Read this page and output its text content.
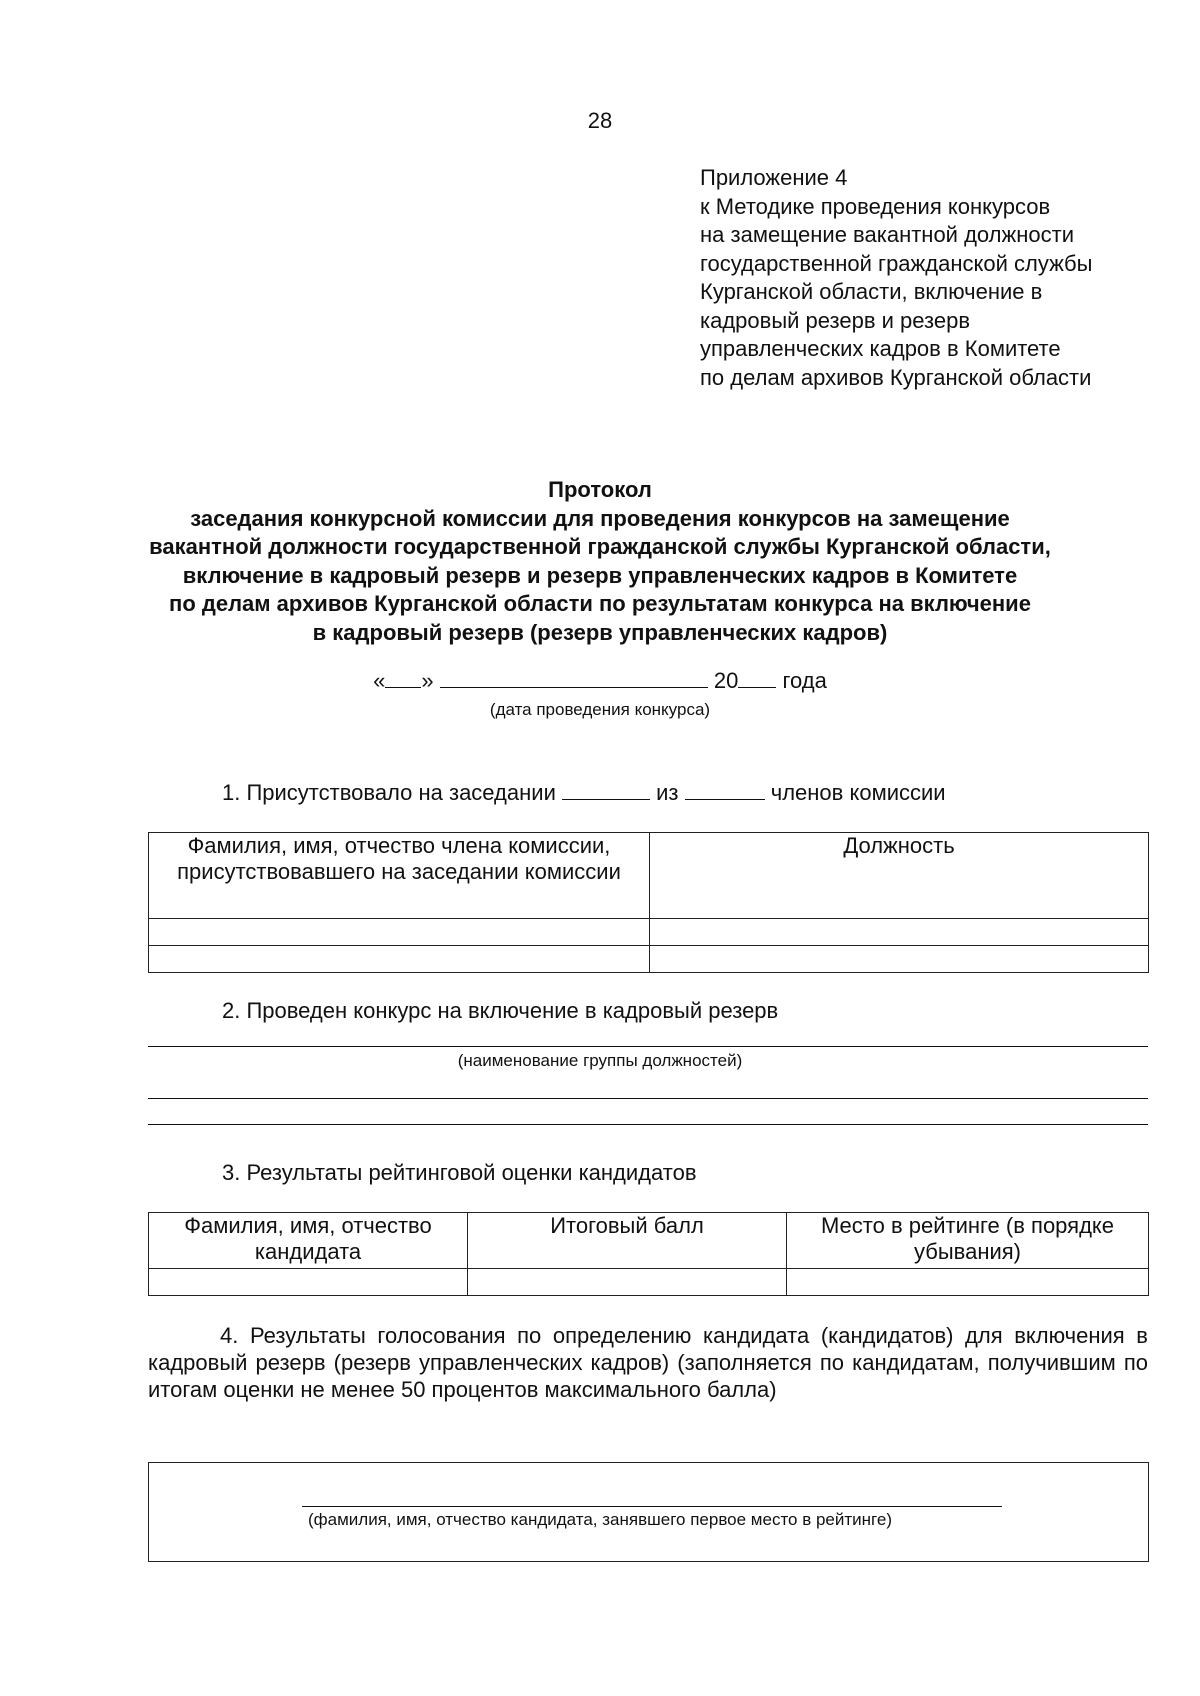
28
Приложение 4
к Методике проведения конкурсов
на замещение вакантной должности
государственной гражданской службы
Курганской области, включение в
кадровый резерв и резерв
управленческих кадров в Комитете
по делам архивов Курганской области
Протокол
заседания конкурсной комиссии для проведения конкурсов на замещение
вакантной должности государственной гражданской службы Курганской области,
включение в кадровый резерв и резерв управленческих кадров в Комитете
по делам архивов Курганской области по результатам конкурса на включение
в кадровый резерв (резерв управленческих кадров)
« »	20 года
(дата проведения конкурса)
1. Присутствовало на заседании	из	членов комиссии
Фамилия, имя, отчество члена комиссии, присутствовавшего на заседании комиссии	Должность

2. Проведен конкурс на включение в кадровый резерв
(наименование группы должностей)
3. Результаты рейтинговой оценки кандидатов
Фамилия, имя, отчество кандидата	Итоговый балл	Место в рейтинге (в порядке убывания)

4. Результаты голосования по определению кандидата (кандидатов) для включения в кадровый резерв (резерв управленческих кадров) (заполняется по кандидатам, получившим по итогам оценки не менее 50 процентов максимального балла)
(фамилия, имя, отчество кандидата, занявшего первое место в рейтинге)
